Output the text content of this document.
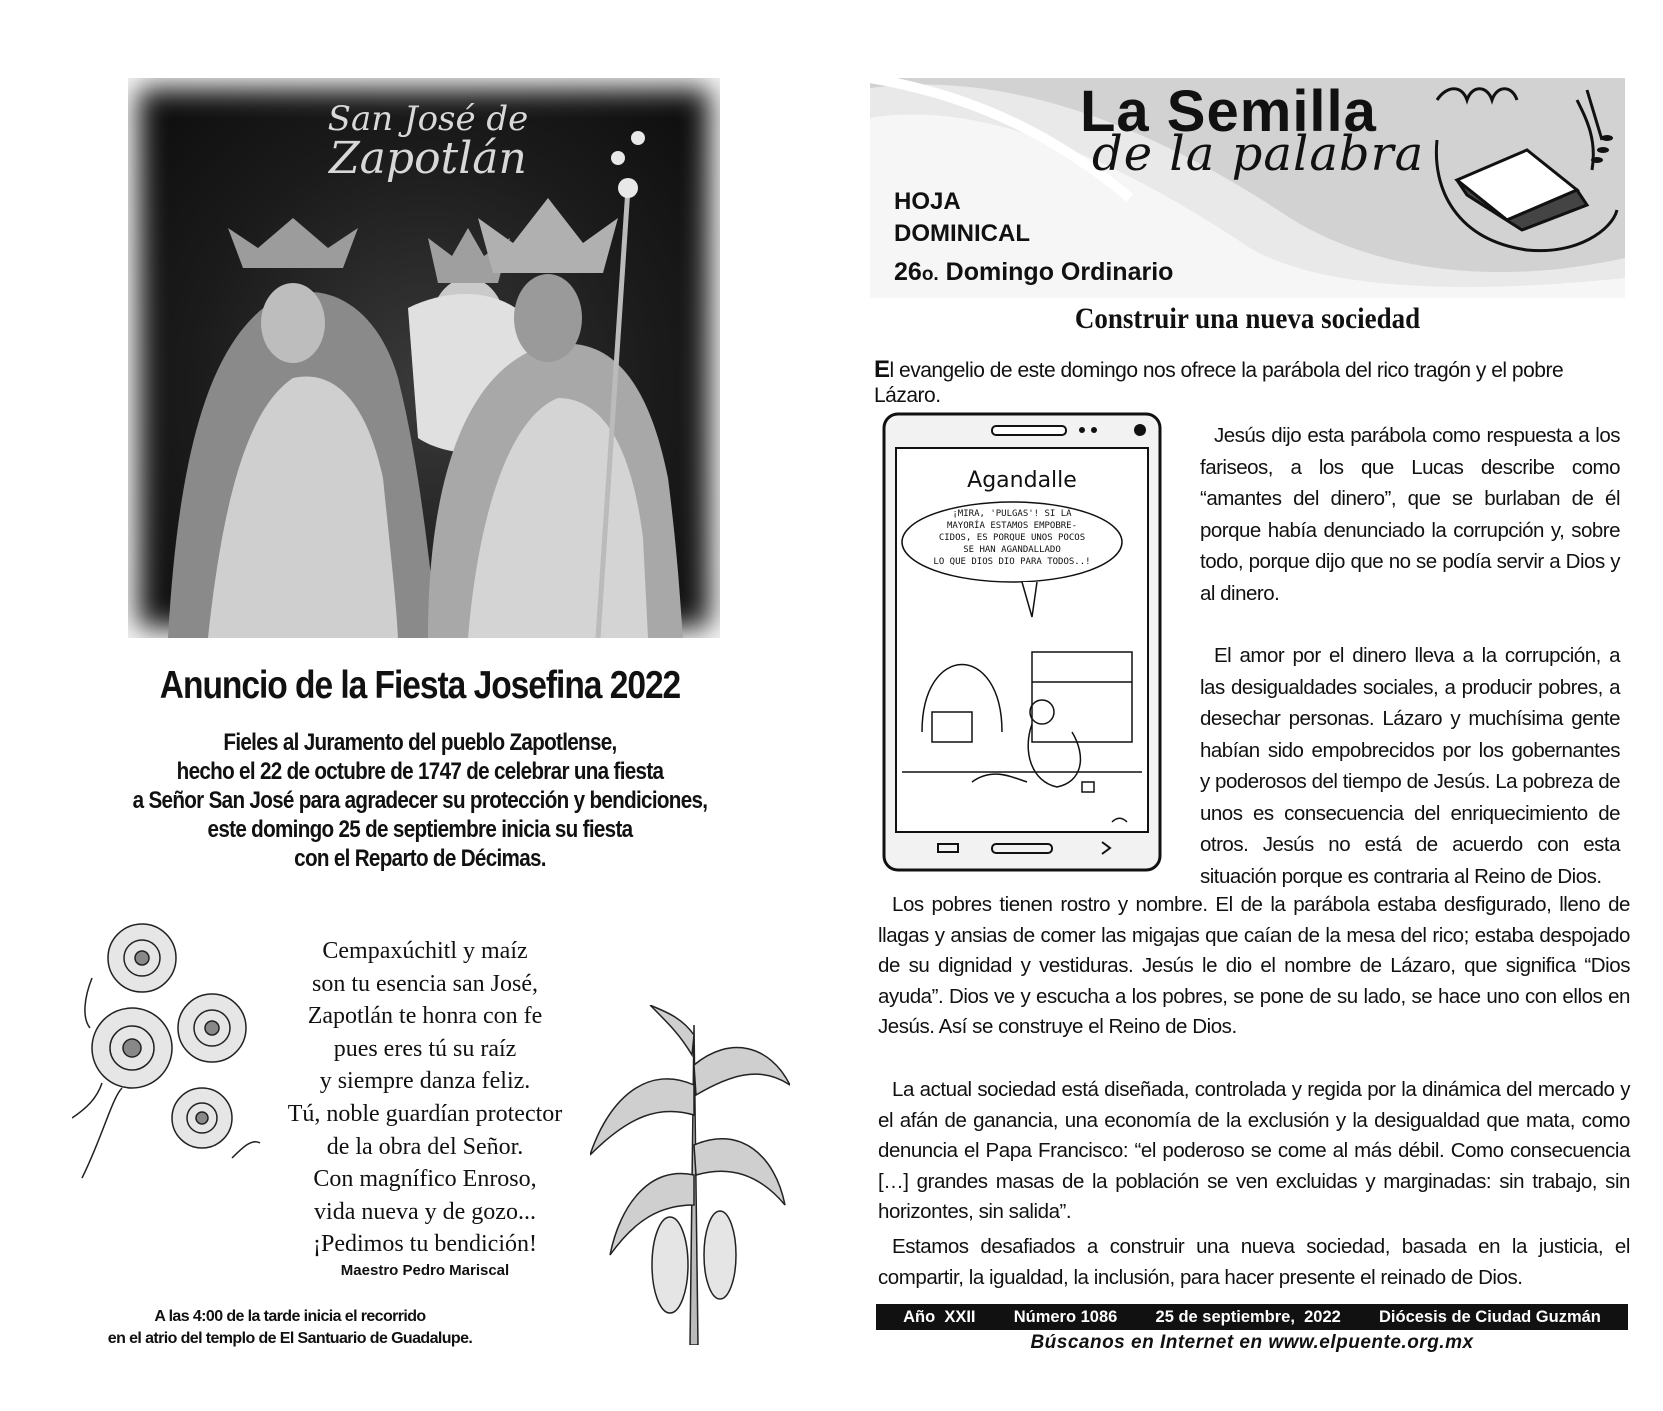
San José de
Zapotlán
Anuncio de la Fiesta Josefina 2022
Fieles al Juramento del pueblo Zapotlense,
hecho el 22 de octubre de 1747 de celebrar una fiesta
a Señor San José para agradecer su protección y bendiciones,
este domingo 25 de septiembre inicia su fiesta
con el Reparto de Décimas.
Cempaxúchitl y maíz
son tu esencia san José,
Zapotlán te honra con fe
pues eres tú su raíz
y siempre danza feliz.
Tú, noble guardían protector
de la obra del Señor.
Con magnífico Enroso,
vida nueva y de gozo...
¡Pedimos tu bendición!
Maestro Pedro Mariscal
A las 4:00 de la tarde inicia el recorrido
en el atrio del templo de El Santuario de Guadalupe.
La Semilla
de la palabra
HOJA
DOMINICAL
26o. Domingo Ordinario
Construir una nueva sociedad
El evangelio de este domingo nos ofrece la parábola del rico tragón y el pobre Lázaro.
Agandalle
¡MIRA, 'PULGAS'! SI LA
MAYORÍA ESTAMOS EMPOBRE-
CIDOS, ES PORQUE UNOS POCOS
SE HAN AGANDALLADO
LO QUE DIOS DIO PARA TODOS..!

Jesús dijo esta parábola como respuesta a los fariseos, a los que Lucas describe como “amantes del dinero”, que se burlaban de él porque había denunciado la corrupción y, sobre todo, porque dijo que no se podía servir a Dios y al dinero.

El amor por el dinero lleva a la corrupción, a las desigualdades sociales, a producir pobres, a desechar personas. Lázaro y muchísima gente habían sido empobrecidos por los gobernantes y poderosos del tiempo de Jesús. La pobreza de unos es consecuencia del enriquecimiento de otros. Jesús no está de acuerdo con esta situación porque es contraria al Reino de Dios.

Los pobres tienen rostro y nombre. El de la parábola estaba desfigurado, lleno de llagas y ansias de comer las migajas que caían de la mesa del rico; estaba despojado de su dignidad y vestiduras. Jesús le dio el nombre de Lázaro, que significa “Dios ayuda”. Dios ve y escucha a los pobres, se pone de su lado, se hace uno con ellos en Jesús. Así se construye el Reino de Dios.

La actual sociedad está diseñada, controlada y regida por la dinámica del mercado y el afán de ganancia, una economía de la exclusión y la desigualdad que mata, como denuncia el Papa Francisco: “el poderoso se come al más débil. Como consecuencia […] grandes masas de la población se ven excluidas y marginadas: sin trabajo, sin horizontes, sin salida”.

Estamos desafiados a construir una nueva sociedad, basada en la justicia, el compartir, la igualdad, la inclusión, para hacer presente el reinado de Dios.

Año  XXII Número 1086 25 de septiembre,  2022 Diócesis de Ciudad Guzmán
Búscanos en Internet en www.elpuente.org.mx
